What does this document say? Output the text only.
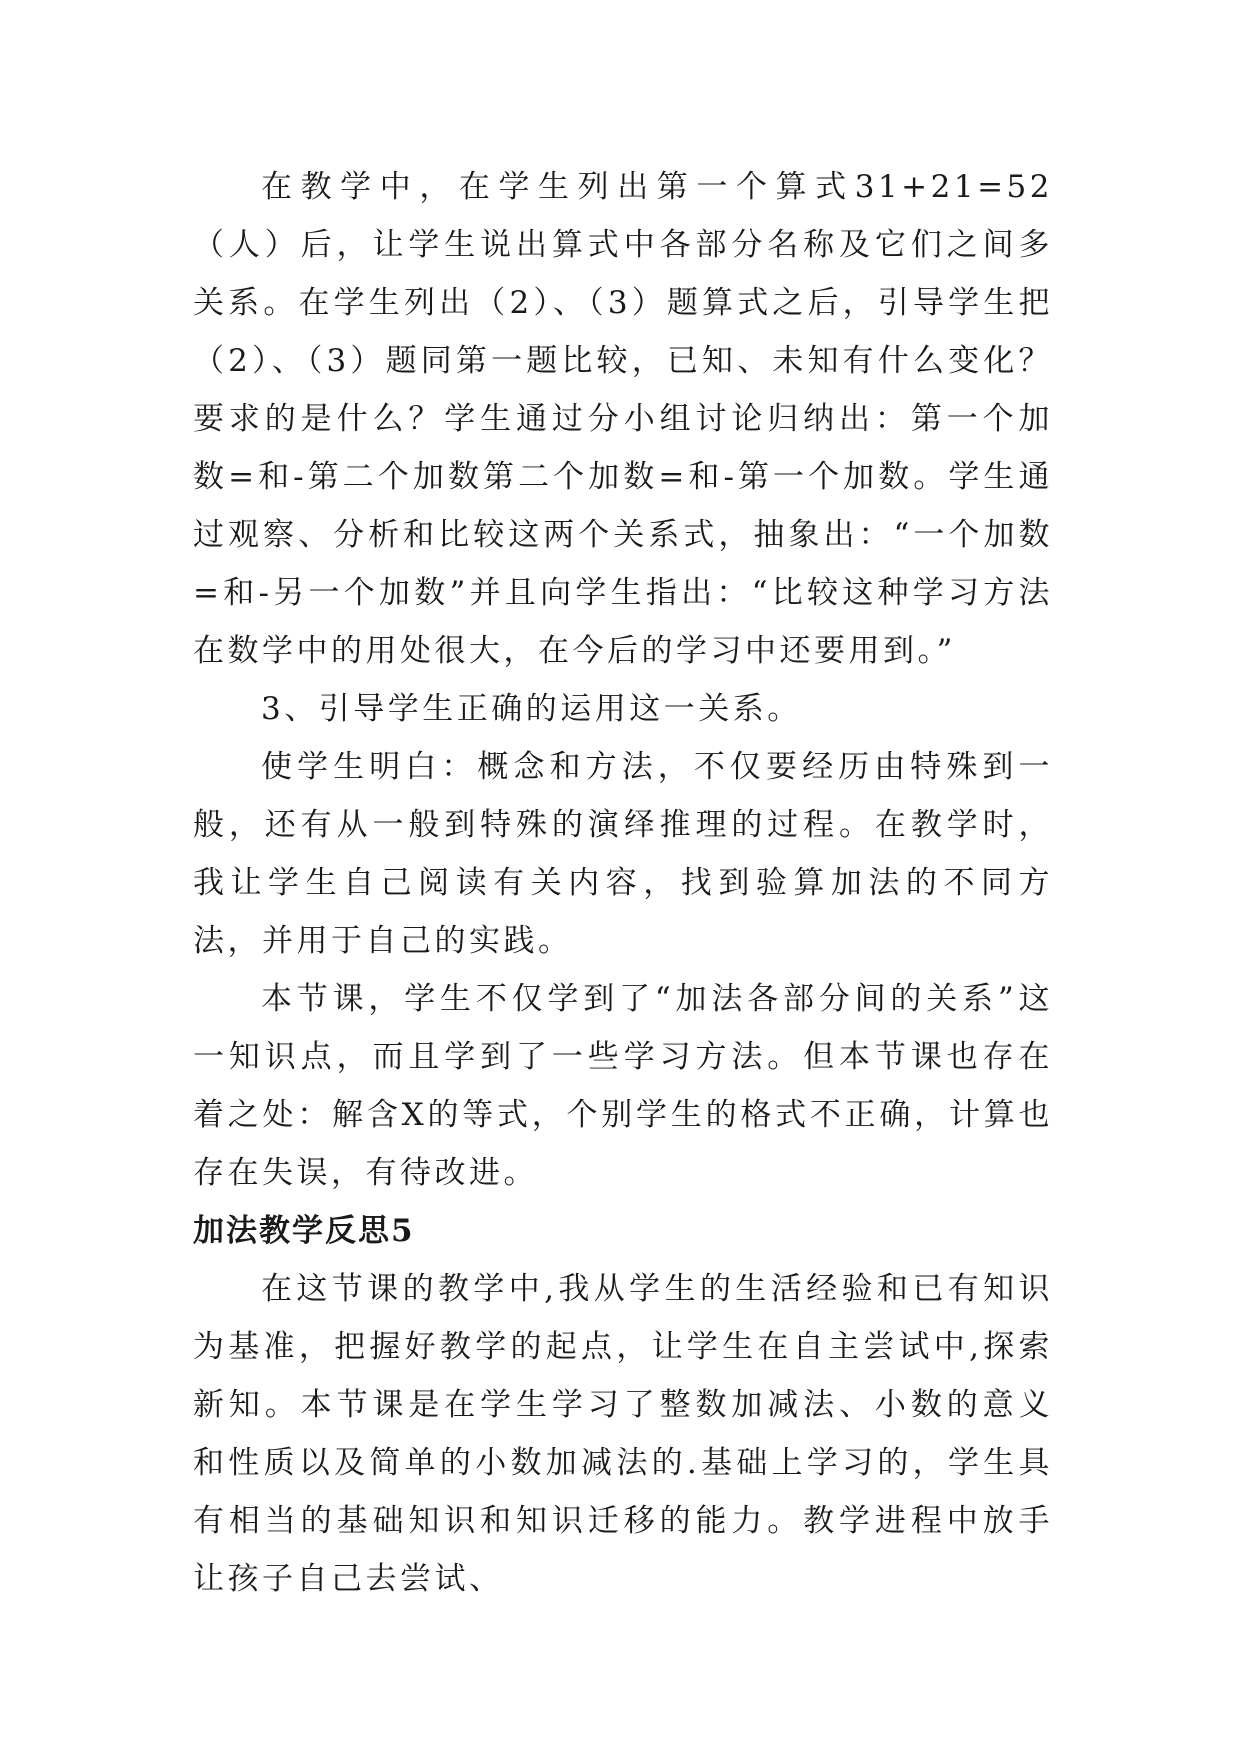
在教学中，在学生列出第一个算式31+21=52（人）后，让学生说出算式中各部分名称及它们之间多关系。在学生列出（2）、（3）题算式之后，引导学生把（2）、（3）题同第一题比较，已知、未知有什么变化？要求的是什么？学生通过分小组讨论归纳出：第一个加数=和-第二个加数第二个加数=和-第一个加数。学生通过观察、分析和比较这两个关系式，抽象出：“一个加数=和-另一个加数”并且向学生指出：“比较这种学习方法在数学中的用处很大，在今后的学习中还要用到。”

3、引导学生正确的运用这一关系。

使学生明白：概念和方法，不仅要经历由特殊到一般，还有从一般到特殊的演绎推理的过程。在教学时，我让学生自己阅读有关内容，找到验算加法的不同方法，并用于自己的实践。

本节课，学生不仅学到了“加法各部分间的关系”这一知识点，而且学到了一些学习方法。但本节课也存在着之处：解含X的等式，个别学生的格式不正确，计算也存在失误，有待改进。

加法教学反思5

在这节课的教学中,我从学生的生活经验和已有知识为基准，把握好教学的起点，让学生在自主尝试中,探索新知。本节课是在学生学习了整数加减法、小数的意义和性质以及简单的小数加减法的.基础上学习的，学生具有相当的基础知识和知识迁移的能力。教学进程中放手让孩子自己去尝试、
